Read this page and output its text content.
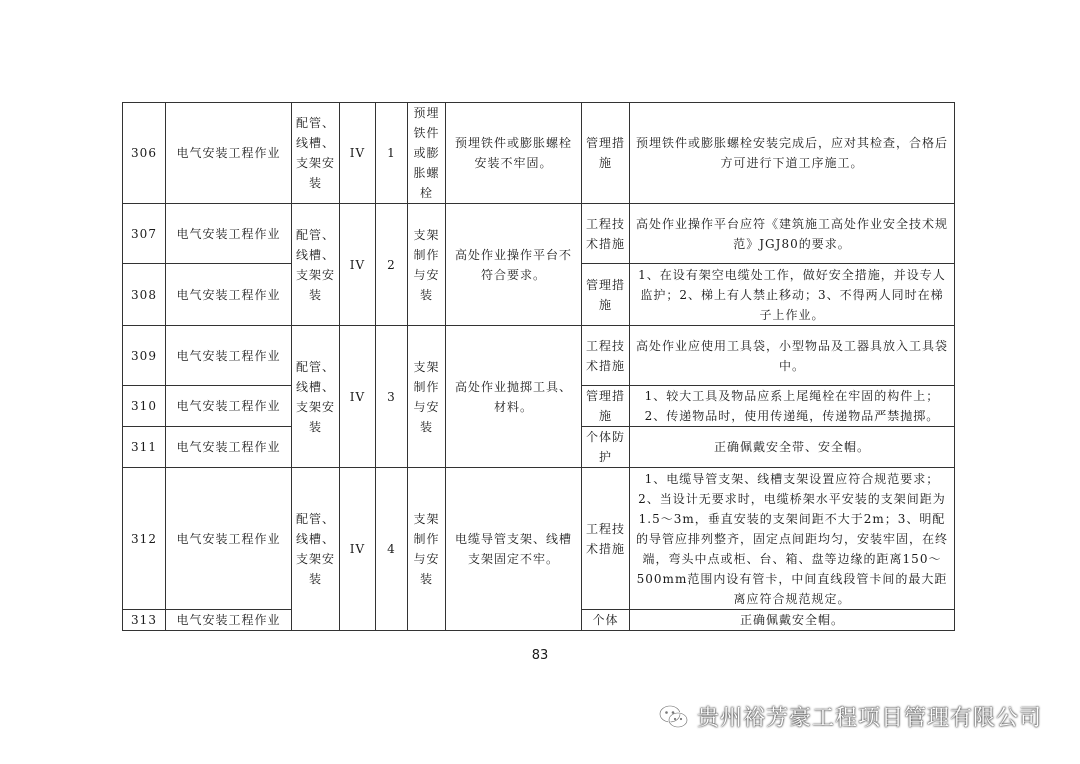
306	电气安装工程作业	配管、线槽、支架安装	IV	1	预埋铁件或膨胀螺栓	预埋铁件或膨胀螺栓安装不牢固。	管理措施	预埋铁件或膨胀螺栓安装完成后，应对其检查，合格后方可进行下道工序施工。
307	电气安装工程作业	配管、线槽、支架安装	IV	2	支架制作与安装	高处作业操作平台不符合要求。	工程技术措施	高处作业操作平台应符《建筑施工高处作业安全技术规范》JGJ80的要求。
308	电气安装工程作业						管理措施	1、在设有架空电缆处工作，做好安全措施，并设专人监护；2、梯上有人禁止移动；3、不得两人同时在梯子上作业。
309	电气安装工程作业	配管、线槽、支架安装	IV	3	支架制作与安装	高处作业抛掷工具、材料。	工程技术措施	高处作业应使用工具袋，小型物品及工器具放入工具袋中。
310	电气安装工程作业						管理措施	1、较大工具及物品应系上尾绳栓在牢固的构件上；2、传递物品时，使用传递绳，传递物品严禁抛掷。
311	电气安装工程作业						个体防护	正确佩戴安全带、安全帽。
312	电气安装工程作业	配管、线槽、支架安装	IV	4	支架制作与安装	电缆导管支架、线槽支架固定不牢。	工程技术措施	1、电缆导管支架、线槽支架设置应符合规范要求；2、当设计无要求时，电缆桥架水平安装的支架间距为1.5～3m，垂直安装的支架间距不大于2m；3、明配的导管应排列整齐，固定点间距均匀，安装牢固，在终端，弯头中点或柜、台、箱、盘等边缘的距离150～500mm范围内设有管卡，中间直线段管卡间的最大距离应符合规范规定。
313	电气安装工程作业						个体	正确佩戴安全帽。
83
贵州裕芳豪工程项目管理有限公司
